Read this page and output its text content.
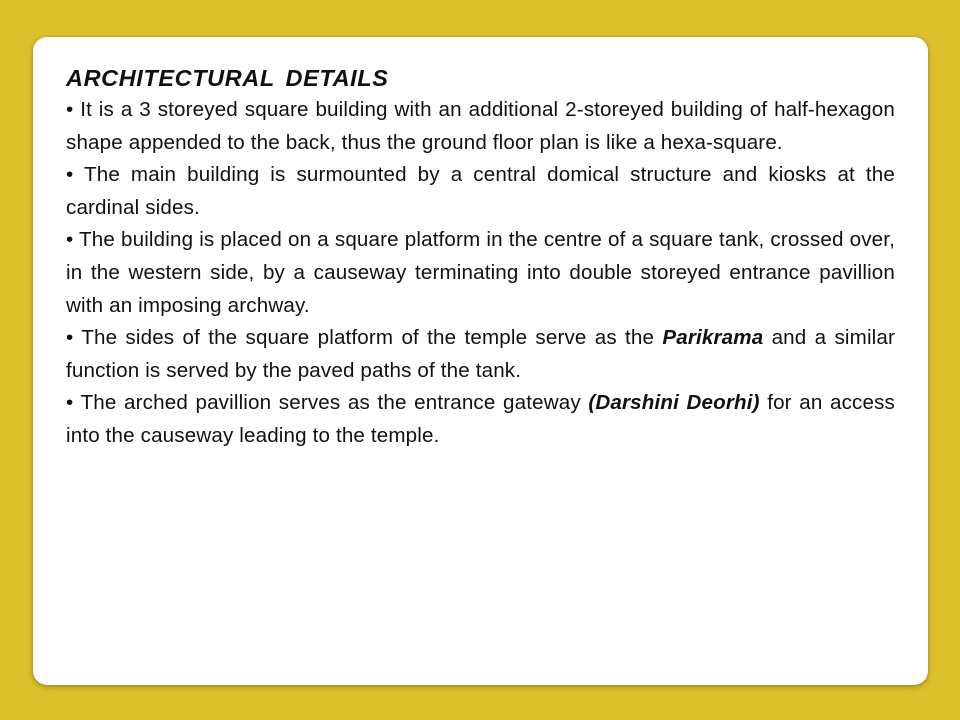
ARCHITECTURAL DETAILS

• It is a 3 storeyed square building with an additional 2-storeyed building of half-hexagon shape appended to the back, thus the ground floor plan is like a hexa-square.

• The main building is surmounted by a central domical structure and kiosks at the cardinal sides.

• The building is placed on a square platform in the centre of a square tank, crossed over, in the western side, by a causeway terminating into double storeyed entrance pavillion with an imposing archway.

• The sides of the square platform of the temple serve as the Parikrama and a similar function is served by the paved paths of the tank.

• The arched pavillion serves as the entrance gateway (Darshini Deorhi) for an access into the causeway leading to the temple.
